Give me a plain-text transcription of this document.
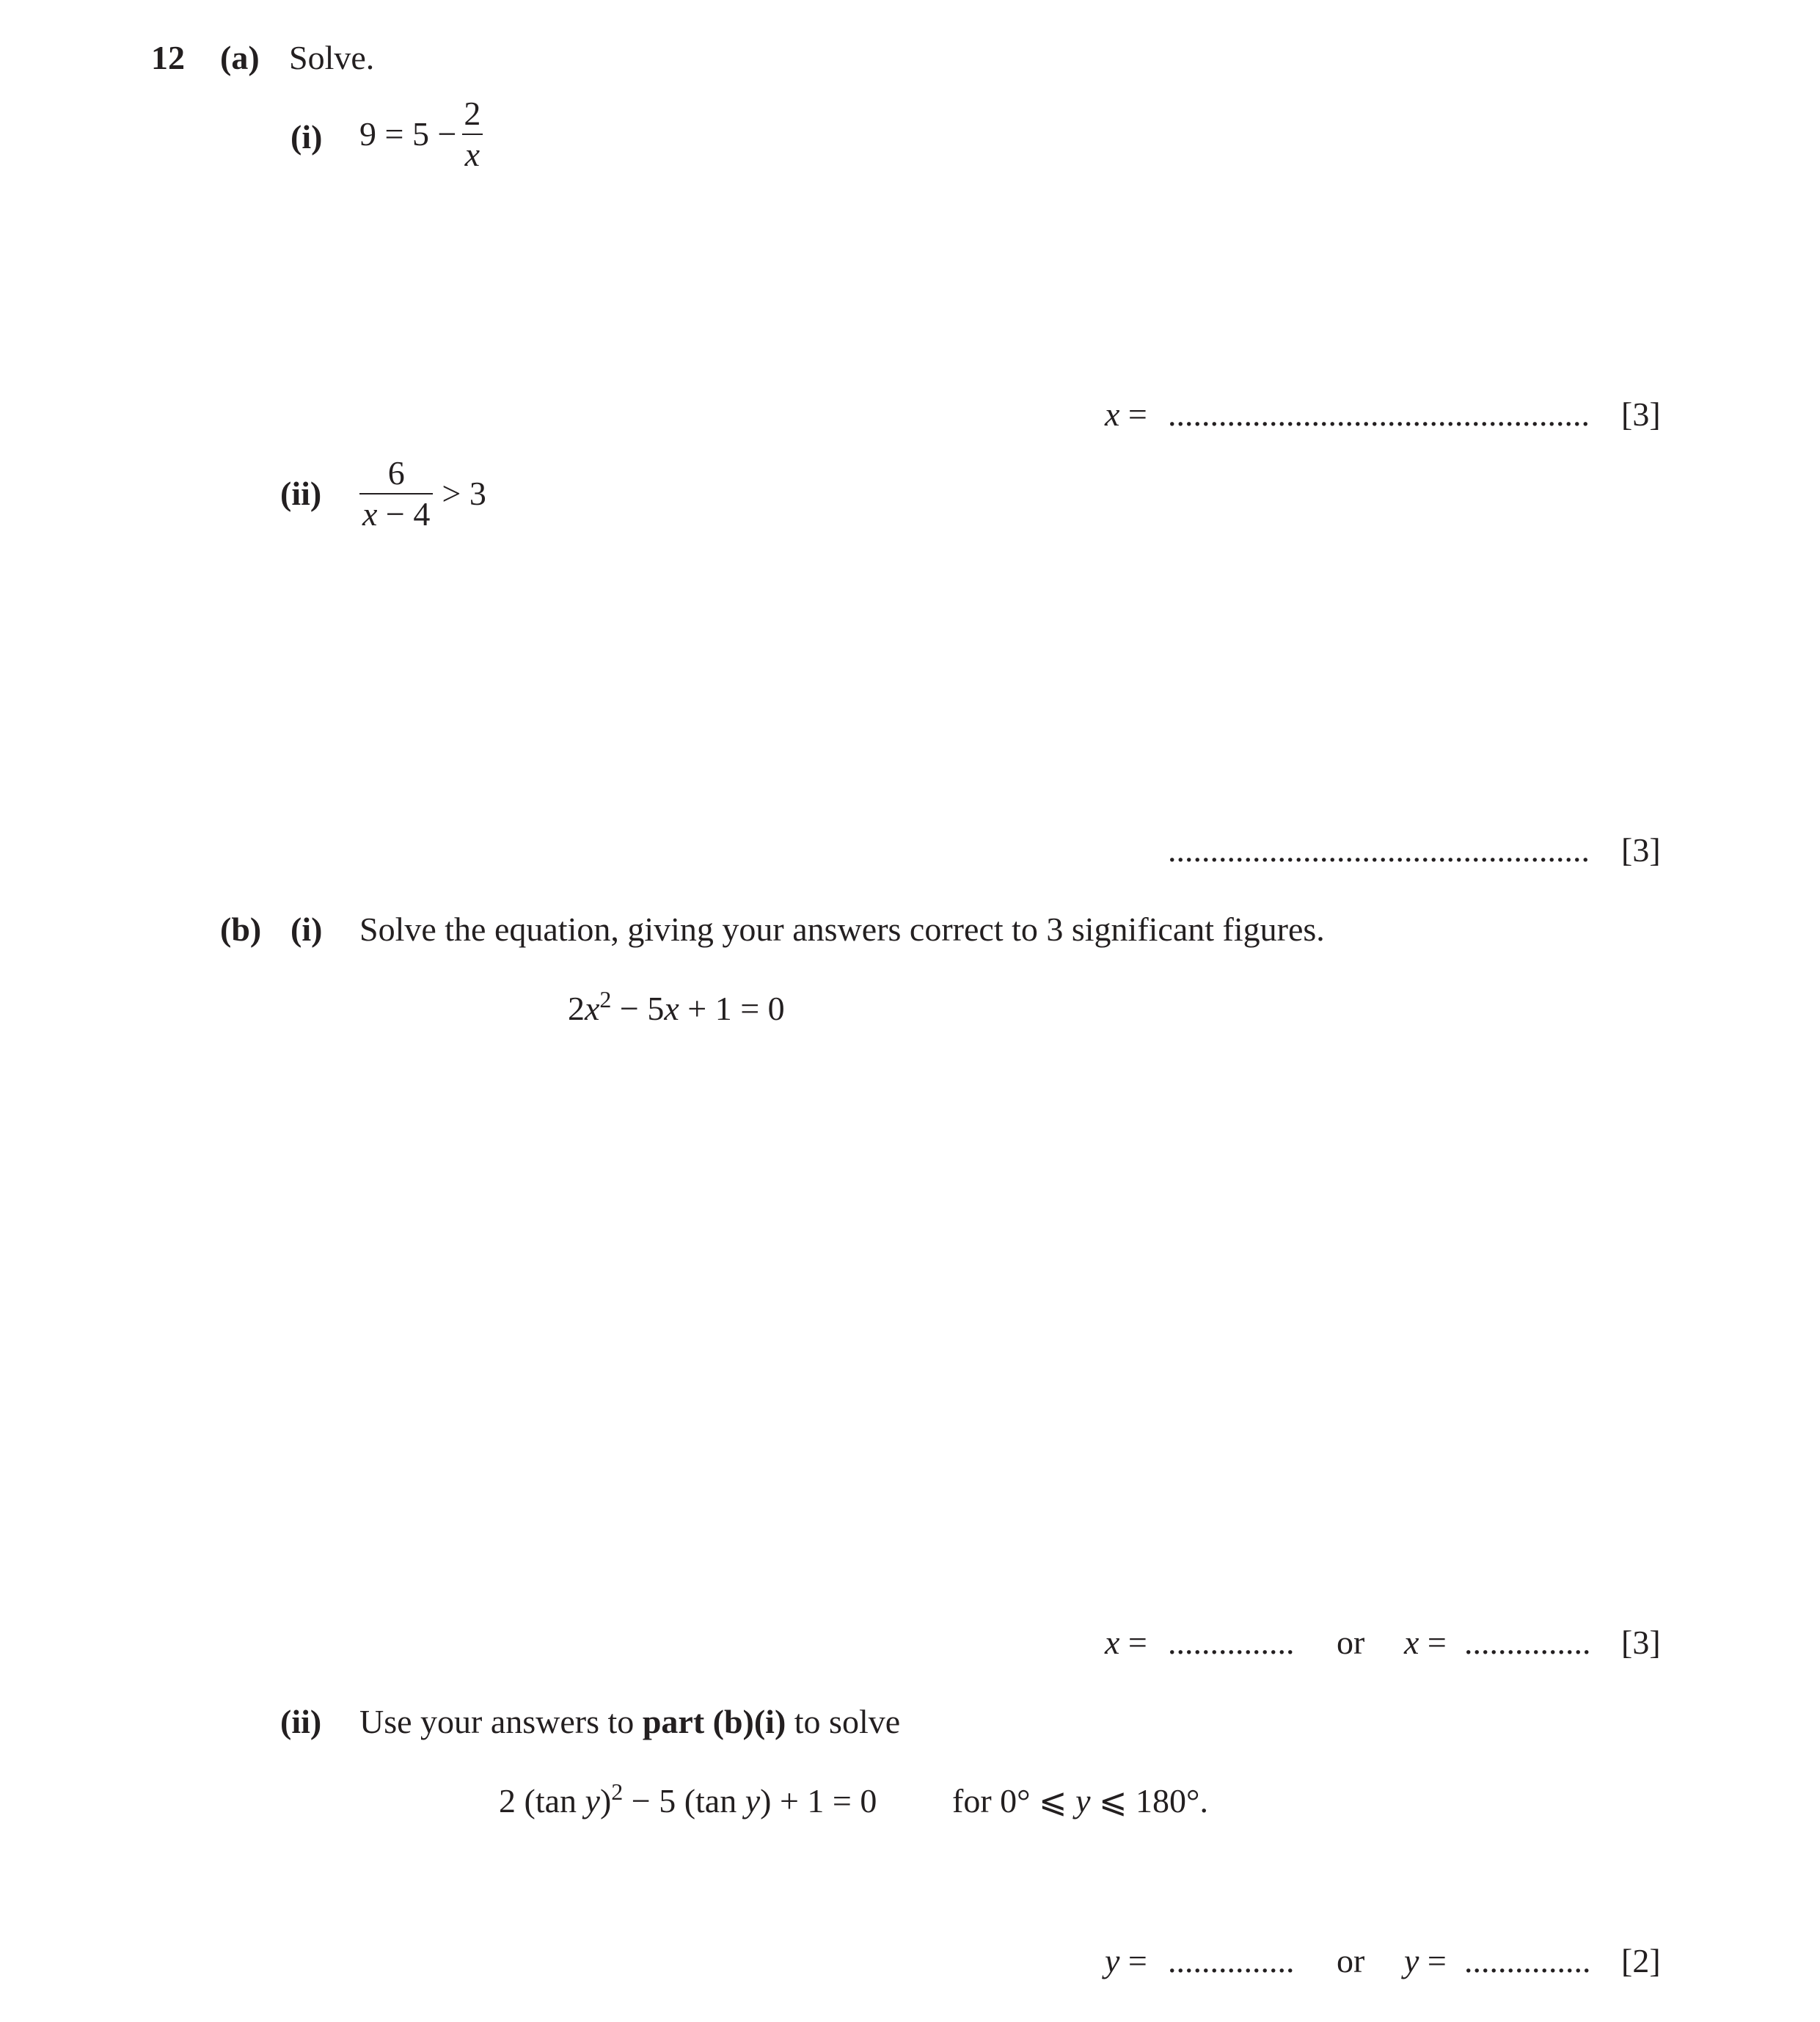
12 (a) Solve.
(i) $9 = 5 - \frac{2}{x}$
x = .................................................. [3]
$(ii) \frac{6}{x - 4} > 3$
.................................................. [3]
(b) (i) Solve the equation, giving your answers correct to 3 significant figures.
$2x^2 - 5x + 1 = 0$
x = ............... or x = ............... [3]
(ii) Use your answers to part (b)(i) to solve
2 (tan y)$^2$ − 5 (tan y) + 1 = 0 for 0° ⩽ y ⩽ 180°.
y = ............... or y = ............... [2]
